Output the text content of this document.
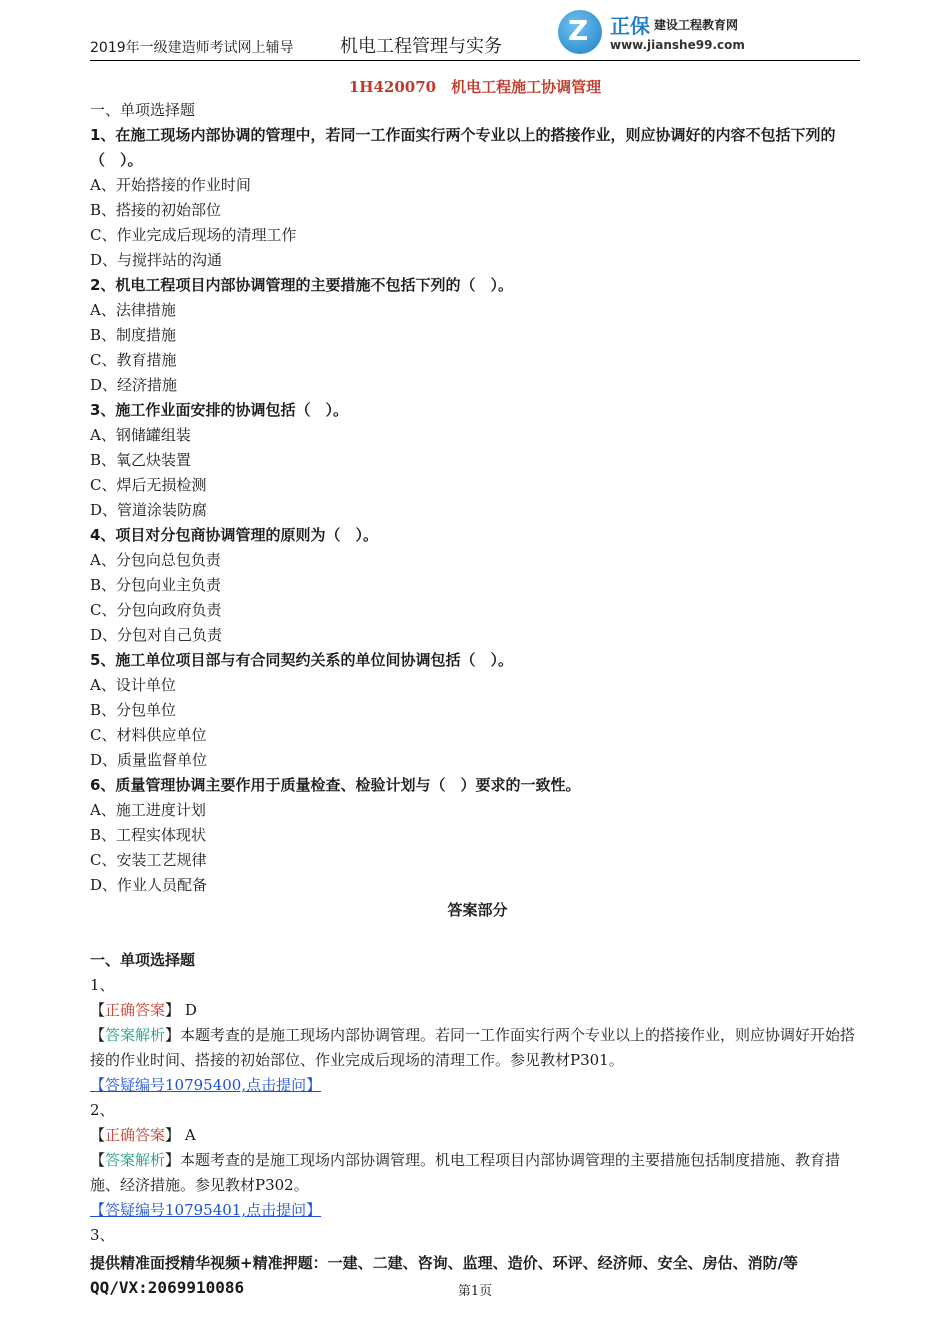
2019年一级建造师考试网上辅导	机电工程管理与实务 Z 正保 建设工程教育网
www.jianshe99.com
1H420070　机电工程施工协调管理
一、单项选择题
1、在施工现场内部协调的管理中，若同一工作面实行两个专业以上的搭接作业，则应协调好的内容不包括下列的（　）。
A、开始搭接的作业时间
B、搭接的初始部位
C、作业完成后现场的清理工作
D、与搅拌站的沟通
2、机电工程项目内部协调管理的主要措施不包括下列的（　）。
A、法律措施
B、制度措施
C、教育措施
D、经济措施
3、施工作业面安排的协调包括（　）。
A、钢储罐组装
B、氧乙炔装置
C、焊后无损检测
D、管道涂装防腐
4、项目对分包商协调管理的原则为（　）。
A、分包向总包负责
B、分包向业主负责
C、分包向政府负责
D、分包对自己负责
5、施工单位项目部与有合同契约关系的单位间协调包括（　）。
A、设计单位
B、分包单位
C、材料供应单位
D、质量监督单位
6、质量管理协调主要作用于质量检查、检验计划与（　）要求的一致性。
A、施工进度计划
B、工程实体现状
C、安装工艺规律
D、作业人员配备
答案部分
一、单项选择题
1、
【正确答案】 D
【答案解析】本题考查的是施工现场内部协调管理。若同一工作面实行两个专业以上的搭接作业，则应协调好开始搭接的作业时间、搭接的初始部位、作业完成后现场的清理工作。参见教材P301。
【答疑编号10795400,点击提问】
2、
【正确答案】 A
【答案解析】本题考查的是施工现场内部协调管理。机电工程项目内部协调管理的主要措施包括制度措施、教育措施、经济措施。参见教材P302。
【答疑编号10795401,点击提问】
3、
提供精准面授精华视频+精准押题：一建、二建、咨询、监理、造价、环评、经济师、安全、房估、消防/等
QQ/VX:2069910086	第1页
